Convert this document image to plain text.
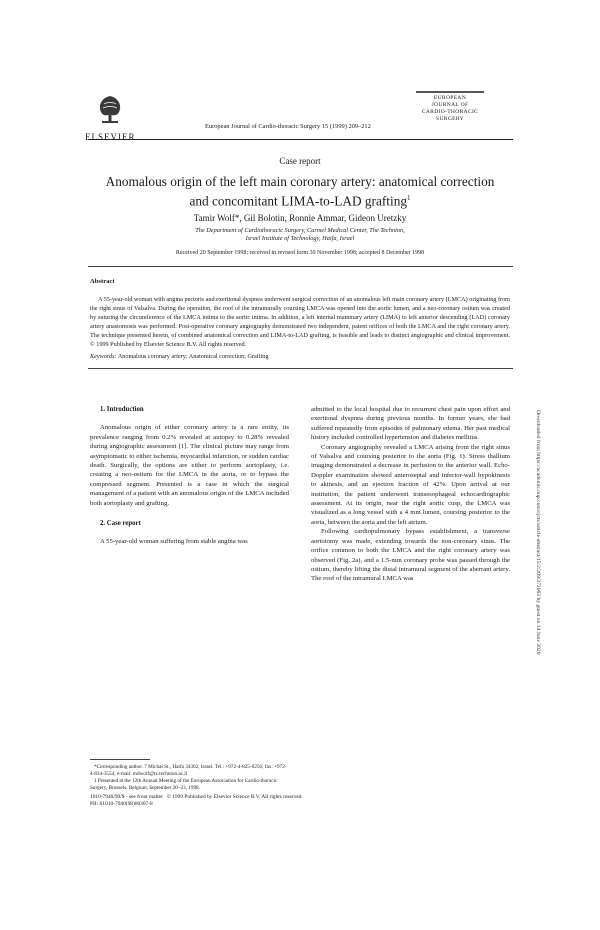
ELSEVIER
European Journal of Cardio-thoracic Surgery 15 (1999) 209–212
EUROPEAN
JOURNAL OF
CARDIO-THORACIC
SURGERY
Case report
Anomalous origin of the left main coronary artery: anatomical correction
and concomitant LIMA-to-LAD grafting$^1$
Tamir Wolf*, Gil Bolotin, Ronnie Ammar, Gideon Uretzky
The Department of Cardiothoracic Surgery, Carmel Medical Center, The Technion,
Israel Institute of Technology, Haifa, Israel
Received 20 September 1998; received in revised form 30 November 1998; accepted 8 December 1998
Abstract
A 55-year-old woman with angina pectoris and exertional dyspnea underwent surgical correction of an anomalous left main coronary artery (LMCA) originating from the right sinus of Valsalva. During the operation, the roof of the intramurally coursing LMCA was opened into the aortic lumen, and a neo-coronary ostium was created by suturing the circumference of the LMCA intima to the aortic intima. In addition, a left internal mammary artery (LIMA) to left anterior descending (LAD) coronary artery anastomosis was performed. Post-operative coronary angiography demonstrated two independent, patent orifices of both the LMCA and the right coronary artery. The technique presented herein, of combined anatomical correction and LIMA-to-LAD grafting, is feasible and leads to distinct angiographic and clinical improvement. © 1999 Published by Elsevier Science B.V. All rights reserved.
Keywords: Anomalous coronary artery; Anatomical correction; Grafting

1. Introduction

Anomalous origin of either coronary artery is a rare entity, its prevalence ranging from 0.2% revealed at autopsy to 0.28% revealed during angiographic assessment [1]. The clinical picture may range from asymptomatic to either ischemia, myocardial infarction, or sudden cardiac death. Surgically, the options are either to perform aortoplasty, i.e. creating a neo-ostium for the LMCA in the aorta, or to bypass the compressed segment. Presented is a case in which the surgical management of a patient with an anomalous origin of the LMCA included both aortoplasty and grafting.

2. Case report

A 55-year-old woman suffering from stable angina was

*Corresponding author. 7 Michal St., Haifa 34362, Israel. Tel.: +972-4-825-0256; fax: +972-4-834-3554; e-mail: mdwolf@tx.technion.ac.il

1 Presented at the 12th Annual Meeting of the European Association for Cardio-thoracic Surgery, Brussels, Belgium, September 20–23, 1998.

admitted to the local hospital due to recurrent chest pain upon effort and exertional dyspnea during previous months. In former years, she had suffered repeatedly from episodes of pulmonary edema. Her past medical history included controlled hypertension and diabetes mellitus.

Coronary angiography revealed a LMCA arising from the right sinus of Valsalva and coursing posterior to the aorta (Fig. 1). Stress thallium imaging demonstrated a decrease in perfusion to the anterior wall. Echo-Doppler examination showed anteroseptal and inferior-wall hypokinesis to akinesis, and an ejection fraction of 42%. Upon arrival at our institution, the patient underwent transesophageal echocardiographic assessment. At its origin, near the right aortic cusp, the LMCA was visualized as a long vessel with a 4 mm lumen, coursing posterior to the aorta, between the aorta and the left atrium.

Following cardiopulmonary bypass establishment, a transverse aortotomy was made, extending towards the non-coronary sinus. The orifice common to both the LMCA and the right coronary artery was observed (Fig. 2a), and a 1.5-mm coronary probe was passed through the ostium, thereby lifting the distal intramural segment of the aberrant artery. The roof of the intramural LMCA was

1010-7940/99/$ - see front matter   © 1999 Published by Elsevier Science B.V. All rights reserved.
PII: S1010-7940(98)00307-8
Downloaded from https://academic.oup.com/ejcts/article-abstract/15/2/209/372063 by guest on 14 June 2020
